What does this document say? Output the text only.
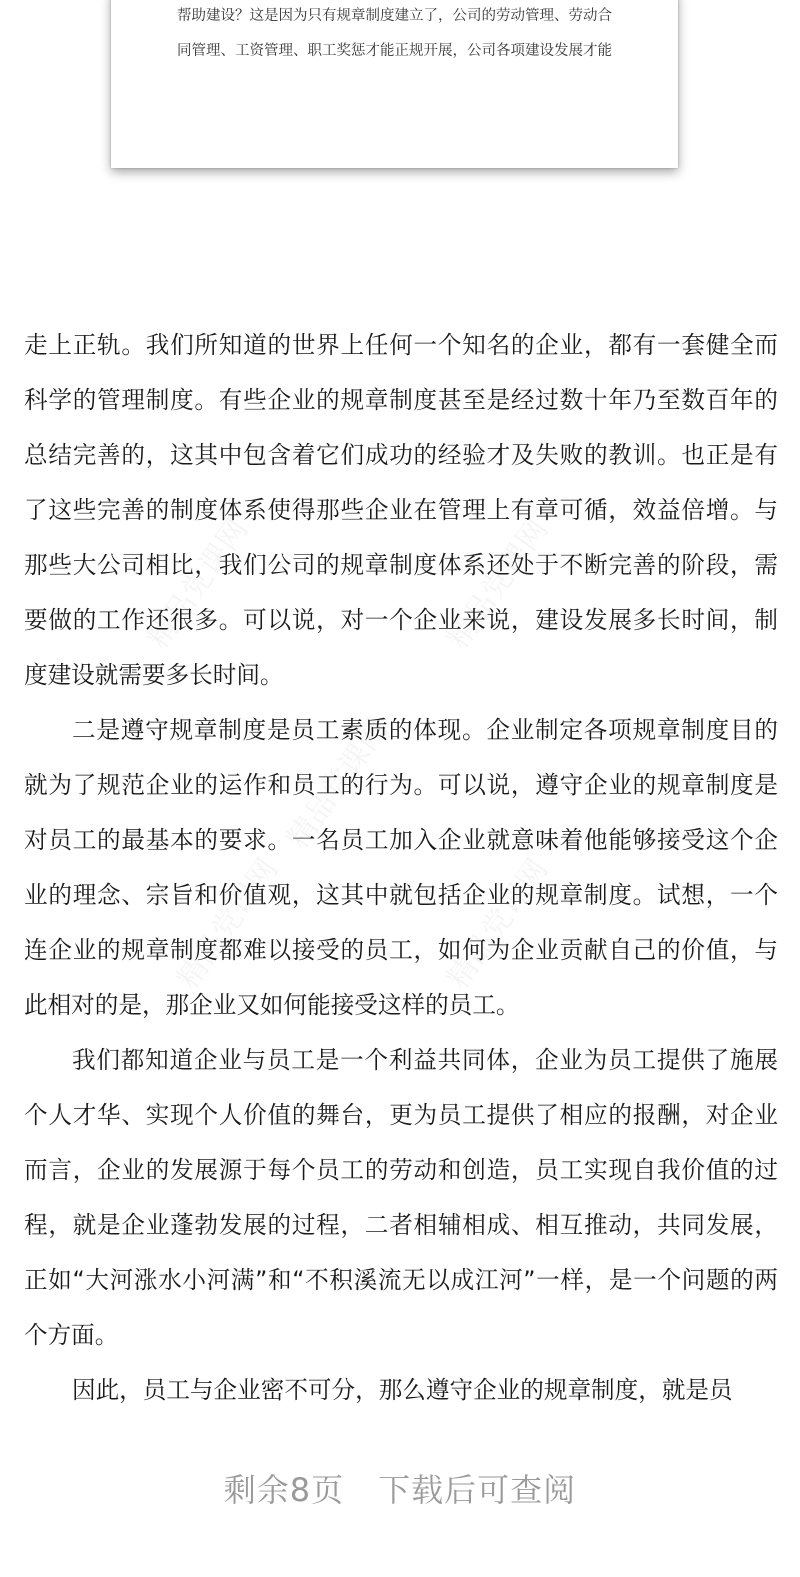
帮助建设？这是因为只有规章制度建立了，公司的劳动管理、劳动合
同管理、工资管理、职工奖惩才能正规开展，公司各项建设发展才能

走上正轨。我们所知道的世界上任何一个知名的企业，都有一套健全而科学的管理制度。有些企业的规章制度甚至是经过数十年乃至数百年的总结完善的，这其中包含着它们成功的经验才及失败的教训。也正是有了这些完善的制度体系使得那些企业在管理上有章可循，效益倍增。与那些大公司相比，我们公司的规章制度体系还处于不断完善的阶段，需要做的工作还很多。可以说，对一个企业来说，建设发展多长时间，制度建设就需要多长时间。

二是遵守规章制度是员工素质的体现。企业制定各项规章制度目的就为了规范企业的运作和员工的行为。可以说，遵守企业的规章制度是对员工的最基本的要求。一名员工加入企业就意味着他能够接受这个企业的理念、宗旨和价值观，这其中就包括企业的规章制度。试想，一个连企业的规章制度都难以接受的员工，如何为企业贡献自己的价值，与此相对的是，那企业又如何能接受这样的员工。

我们都知道企业与员工是一个利益共同体，企业为员工提供了施展个人才华、实现个人价值的舞台，更为员工提供了相应的报酬，对企业而言，企业的发展源于每个员工的劳动和创造，员工实现自我价值的过程，就是企业蓬勃发展的过程，二者相辅相成、相互推动，共同发展，正如“大河涨水小河满”和“不积溪流无以成江河”一样，是一个问题的两个方面。

因此，员工与企业密不可分，那么遵守企业的规章制度，就是员

剩余8页 下载后可查阅
